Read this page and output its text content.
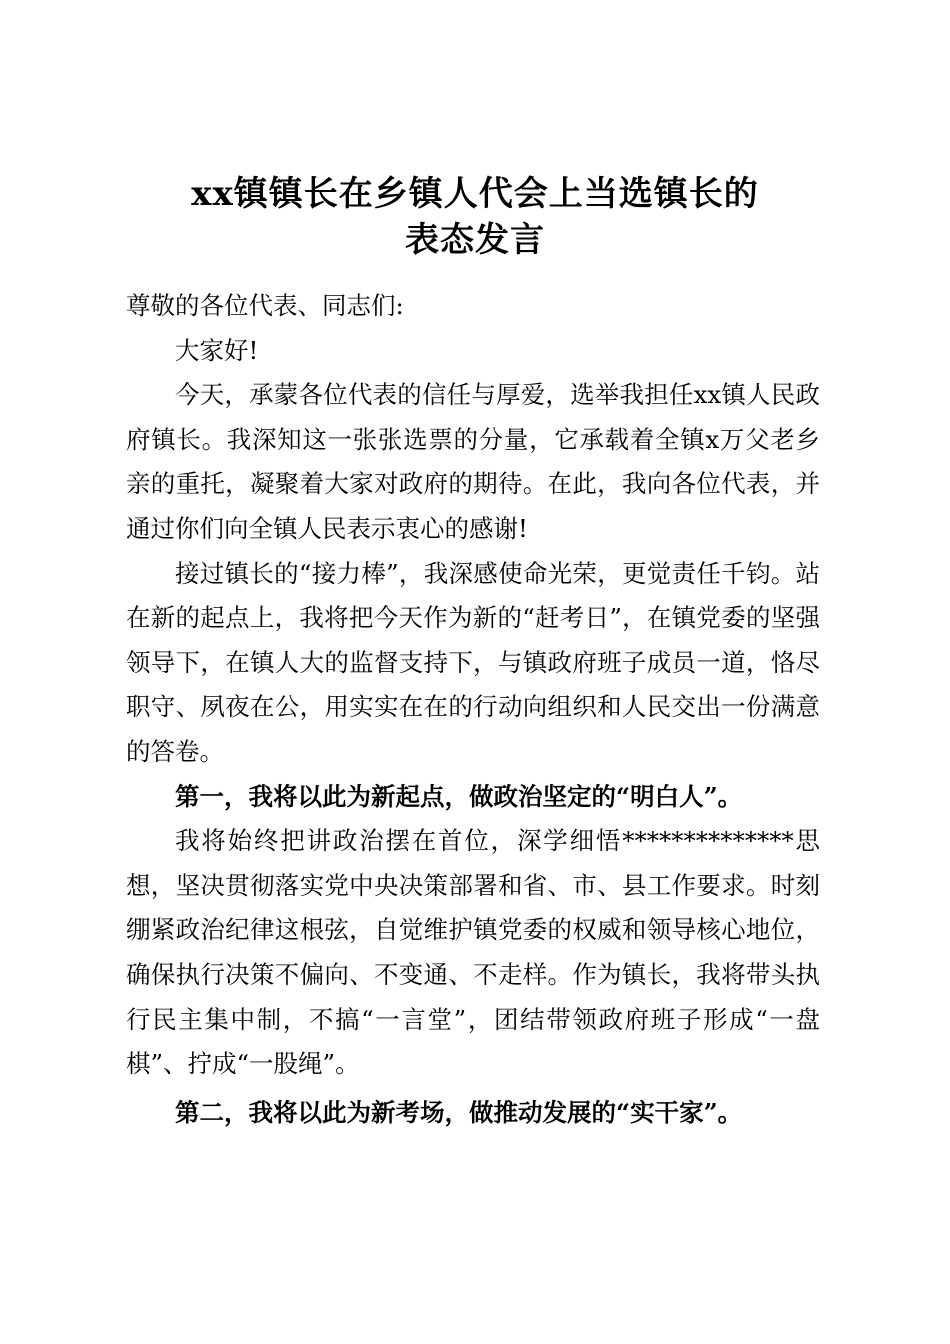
xx镇镇长在乡镇人代会上当选镇长的
表态发言

尊敬的各位代表、同志们:

大家好!

今天，承蒙各位代表的信任与厚爱，选举我担任xx镇人民政府镇长。我深知这一张张选票的分量，它承载着全镇x万父老乡亲的重托，凝聚着大家对政府的期待。在此，我向各位代表，并通过你们向全镇人民表示衷心的感谢!

接过镇长的“接力棒”，我深感使命光荣，更觉责任千钧。站在新的起点上，我将把今天作为新的“赶考日”，在镇党委的坚强领导下，在镇人大的监督支持下，与镇政府班子成员一道，恪尽职守、夙夜在公，用实实在在的行动向组织和人民交出一份满意的答卷。

第一，我将以此为新起点，做政治坚定的“明白人”。

我将始终把讲政治摆在首位，深学细悟**************思想，坚决贯彻落实党中央决策部署和省、市、县工作要求。时刻绷紧政治纪律这根弦，自觉维护镇党委的权威和领导核心地位，确保执行决策不偏向、不变通、不走样。作为镇长，我将带头执行民主集中制，不搞“一言堂”，团结带领政府班子形成“一盘棋”、拧成“一股绳”。

第二，我将以此为新考场，做推动发展的“实干家”。
